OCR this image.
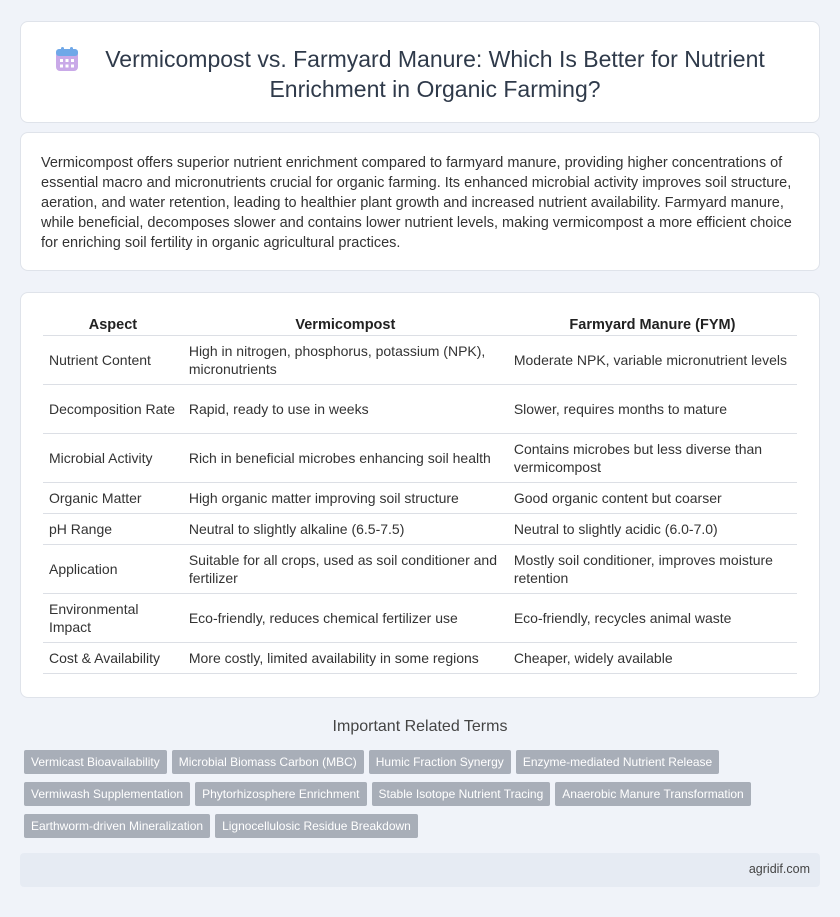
Vermicompost vs. Farmyard Manure: Which Is Better for Nutrient Enrichment in Organic Farming?

Vermicompost offers superior nutrient enrichment compared to farmyard manure, providing higher concentrations of essential macro and micronutrients crucial for organic farming. Its enhanced microbial activity improves soil structure, aeration, and water retention, leading to healthier plant growth and increased nutrient availability. Farmyard manure, while beneficial, decomposes slower and contains lower nutrient levels, making vermicompost a more efficient choice for enriching soil fertility in organic agricultural practices.

Aspect	Vermicompost	Farmyard Manure (FYM)
Nutrient Content	High in nitrogen, phosphorus, potassium (NPK), micronutrients	Moderate NPK, variable micronutrient levels
Decomposition Rate	Rapid, ready to use in weeks	Slower, requires months to mature
Microbial Activity	Rich in beneficial microbes enhancing soil health	Contains microbes but less diverse than vermicompost
Organic Matter	High organic matter improving soil structure	Good organic content but coarser
pH Range	Neutral to slightly alkaline (6.5-7.5)	Neutral to slightly acidic (6.0-7.0)
Application	Suitable for all crops, used as soil conditioner and fertilizer	Mostly soil conditioner, improves moisture retention
Environmental Impact	Eco-friendly, reduces chemical fertilizer use	Eco-friendly, recycles animal waste
Cost & Availability	More costly, limited availability in some regions	Cheaper, widely available
Important Related Terms
Vermicast Bioavailability Microbial Biomass Carbon (MBC) Humic Fraction Synergy Enzyme-mediated Nutrient Release
Vermiwash Supplementation Phytorhizosphere Enrichment Stable Isotope Nutrient Tracing Anaerobic Manure Transformation
Earthworm-driven Mineralization Lignocellulosic Residue Breakdown
agridif.com
